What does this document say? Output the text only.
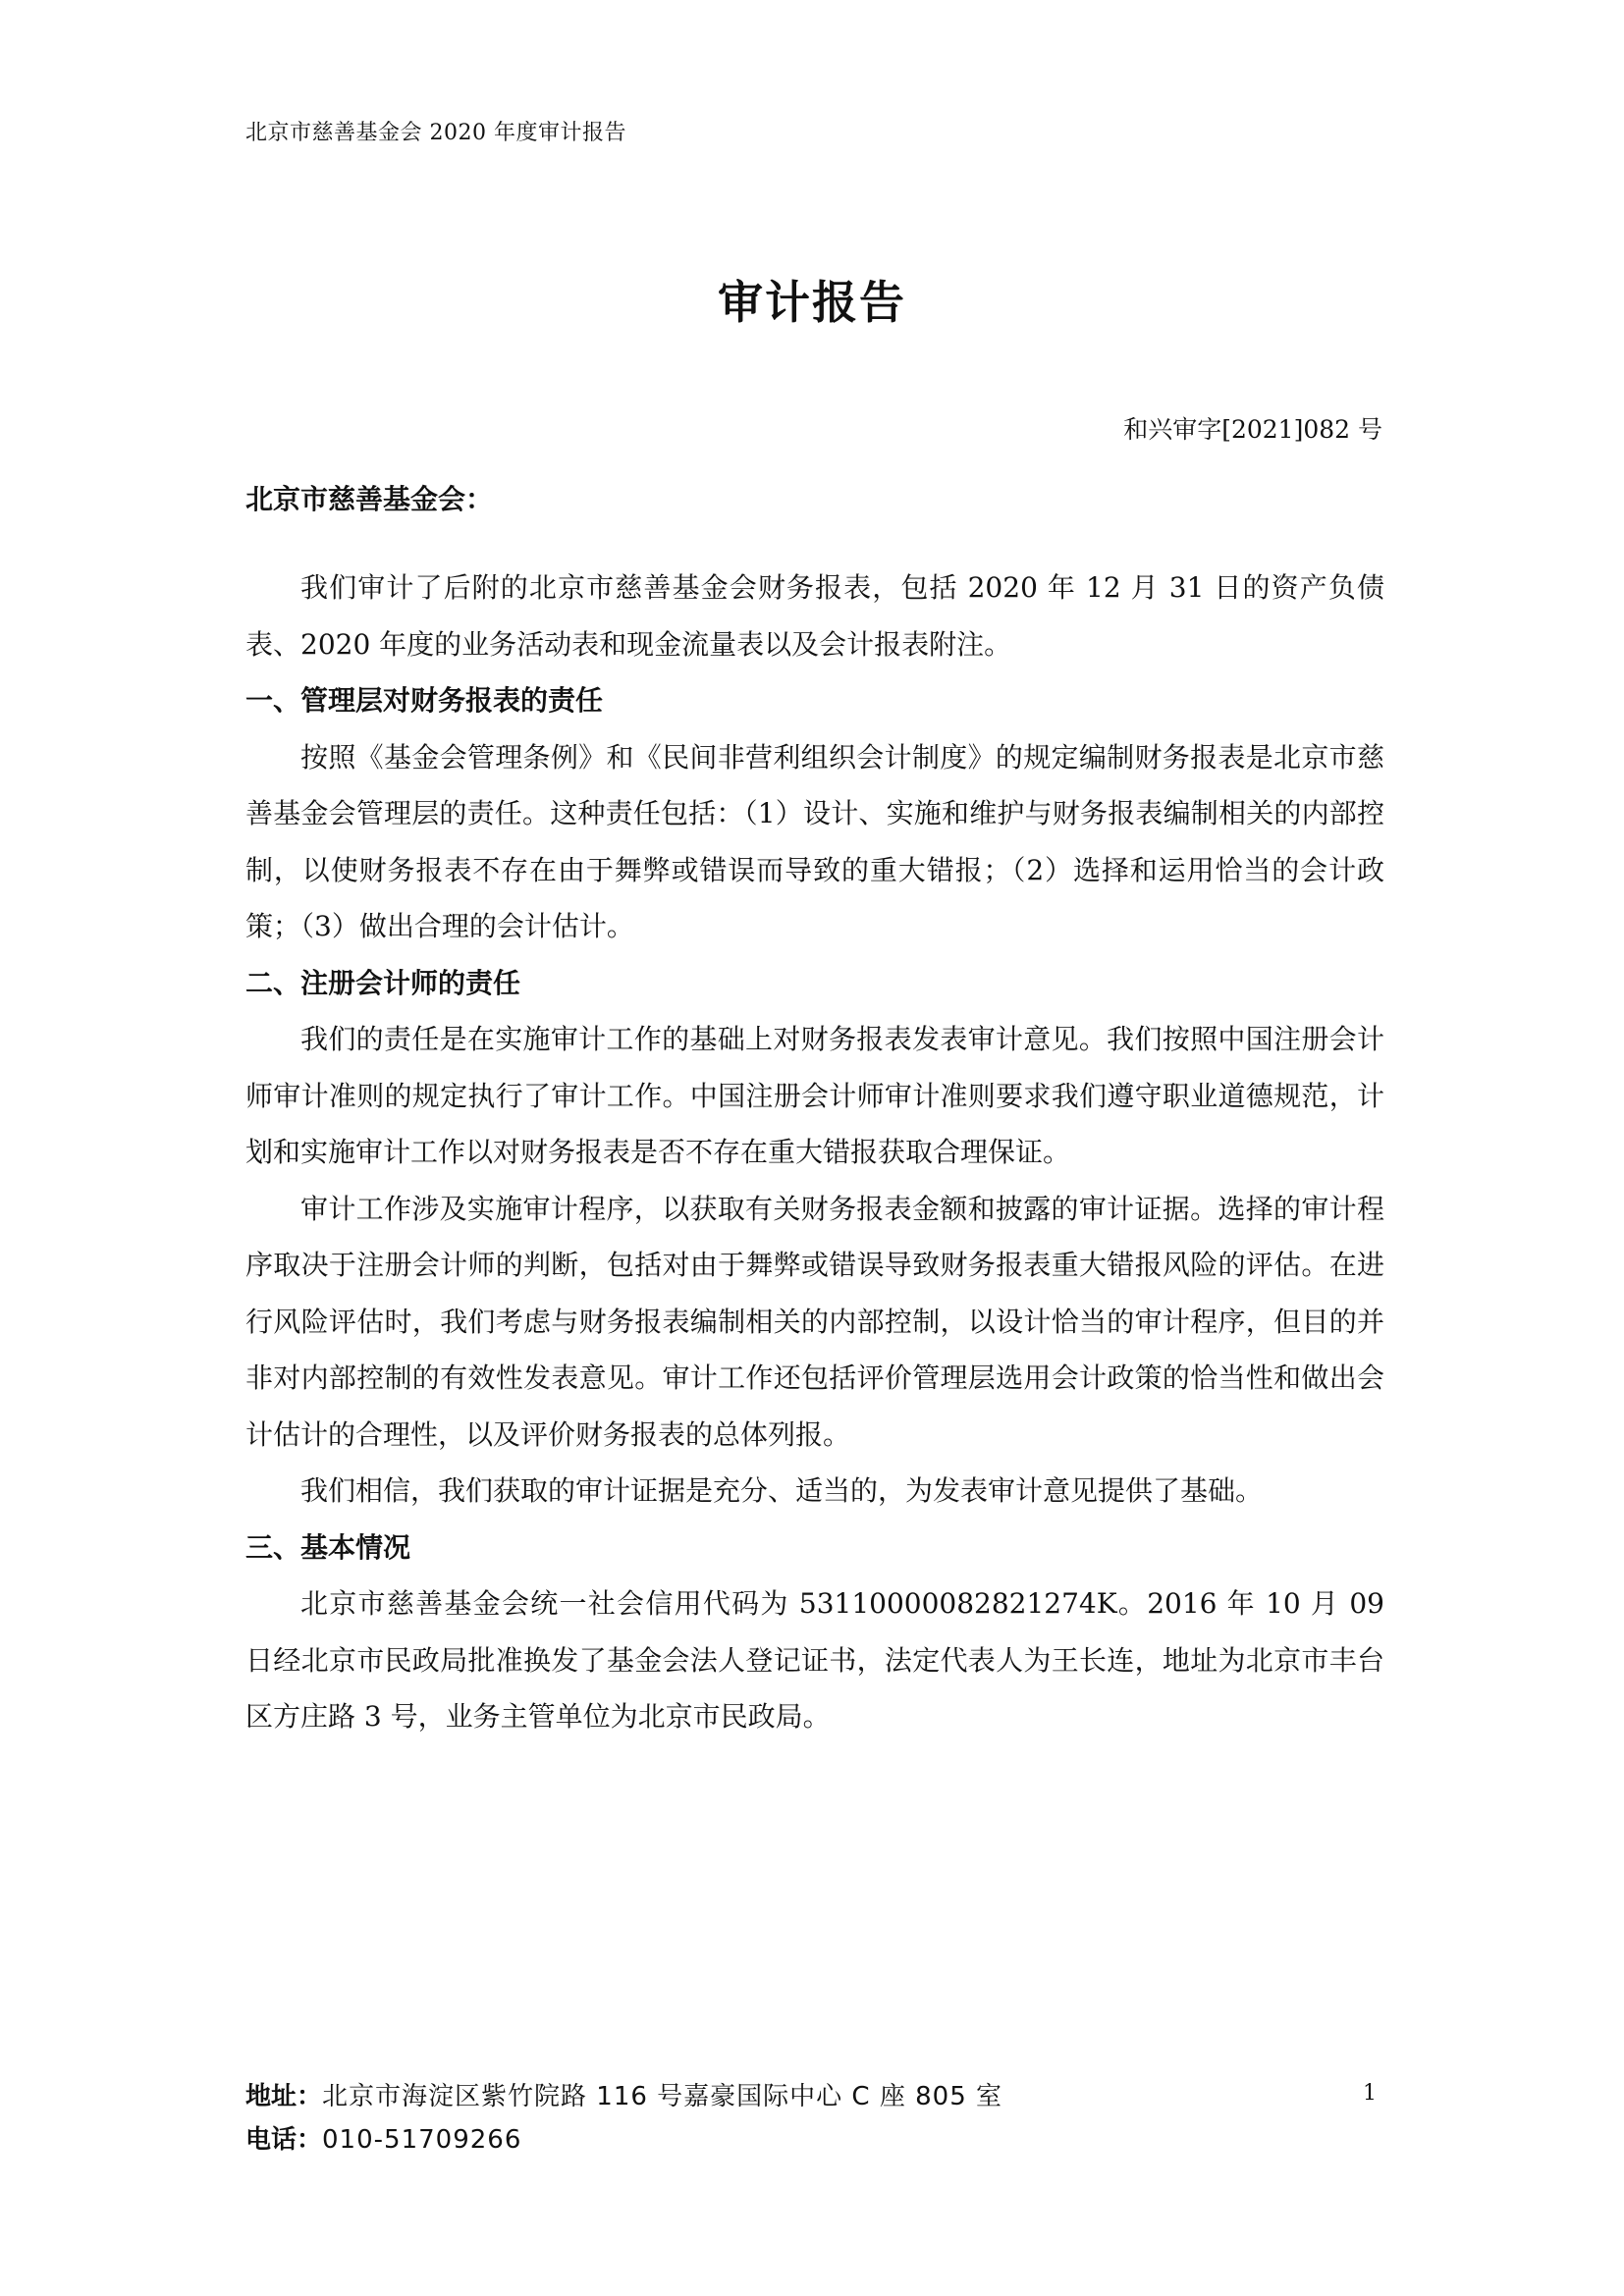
北京市慈善基金会 2020 年度审计报告
审计报告
和兴审字[2021]082 号
北京市慈善基金会：

我们审计了后附的北京市慈善基金会财务报表，包括 2020 年 12 月 31 日的资产负债表、2020 年度的业务活动表和现金流量表以及会计报表附注。

一、管理层对财务报表的责任

按照《基金会管理条例》和《民间非营利组织会计制度》的规定编制财务报表是北京市慈善基金会管理层的责任。这种责任包括：（1）设计、实施和维护与财务报表编制相关的内部控制，以使财务报表不存在由于舞弊或错误而导致的重大错报；（2）选择和运用恰当的会计政策；（3）做出合理的会计估计。

二、注册会计师的责任

我们的责任是在实施审计工作的基础上对财务报表发表审计意见。我们按照中国注册会计师审计准则的规定执行了审计工作。中国注册会计师审计准则要求我们遵守职业道德规范，计划和实施审计工作以对财务报表是否不存在重大错报获取合理保证。

审计工作涉及实施审计程序，以获取有关财务报表金额和披露的审计证据。选择的审计程序取决于注册会计师的判断，包括对由于舞弊或错误导致财务报表重大错报风险的评估。在进行风险评估时，我们考虑与财务报表编制相关的内部控制，以设计恰当的审计程序，但目的并非对内部控制的有效性发表意见。审计工作还包括评价管理层选用会计政策的恰当性和做出会计估计的合理性，以及评价财务报表的总体列报。

我们相信，我们获取的审计证据是充分、适当的，为发表审计意见提供了基础。

三、基本情况

北京市慈善基金会统一社会信用代码为 53110000082821274K。2016 年 10 月 09 日经北京市民政局批准换发了基金会法人登记证书，法定代表人为王长连，地址为北京市丰台区方庄路 3 号，业务主管单位为北京市民政局。

地址：北京市海淀区紫竹院路 116 号嘉豪国际中心 C 座 805 室
电话：010-51709266
1
